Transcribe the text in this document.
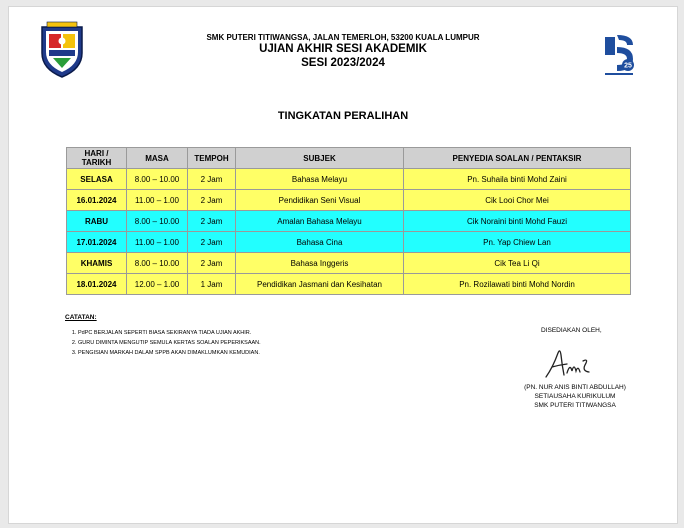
25
SMK PUTERI TITIWANGSA, JALAN TEMERLOH, 53200 KUALA LUMPUR
UJIAN AKHIR SESI AKADEMIK
SESI 2023/2024
TINGKATAN PERALIHAN
HARI / TARIKH	MASA	TEMPOH	SUBJEK	PENYEDIA SOALAN / PENTAKSIR
SELASA	8.00 – 10.00	2 Jam	Bahasa Melayu	Pn. Suhaila binti Mohd Zaini
16.01.2024	11.00 – 1.00	2 Jam	Pendidikan Seni Visual	Cik Looi Chor Mei
RABU	8.00 – 10.00	2 Jam	Amalan Bahasa Melayu	Cik Noraini binti Mohd Fauzi
17.01.2024	11.00 – 1.00	2 Jam	Bahasa Cina	Pn. Yap Chiew Lan
KHAMIS	8.00 – 10.00	2 Jam	Bahasa Inggeris	Cik Tea Li Qi
18.01.2024	12.00 – 1.00	1 Jam	Pendidikan Jasmani dan Kesihatan	Pn. Rozilawati binti Mohd Nordin
CATATAN:
1. PdPC BERJALAN SEPERTI BIASA SEKIRANYA TIADA UJIAN AKHIR.
2. GURU DIMINTA MENGUTIP SEMULA KERTAS SOALAN PEPERIKSAAN.
3. PENGISIAN MARKAH DALAM SPPB AKAN DIMAKLUMKAN KEMUDIAN.
DISEDIAKAN OLEH,
(PN. NUR ANIS BINTI ABDULLAH)
SETIAUSAHA KURIKULUM
SMK PUTERI TITIWANGSA
